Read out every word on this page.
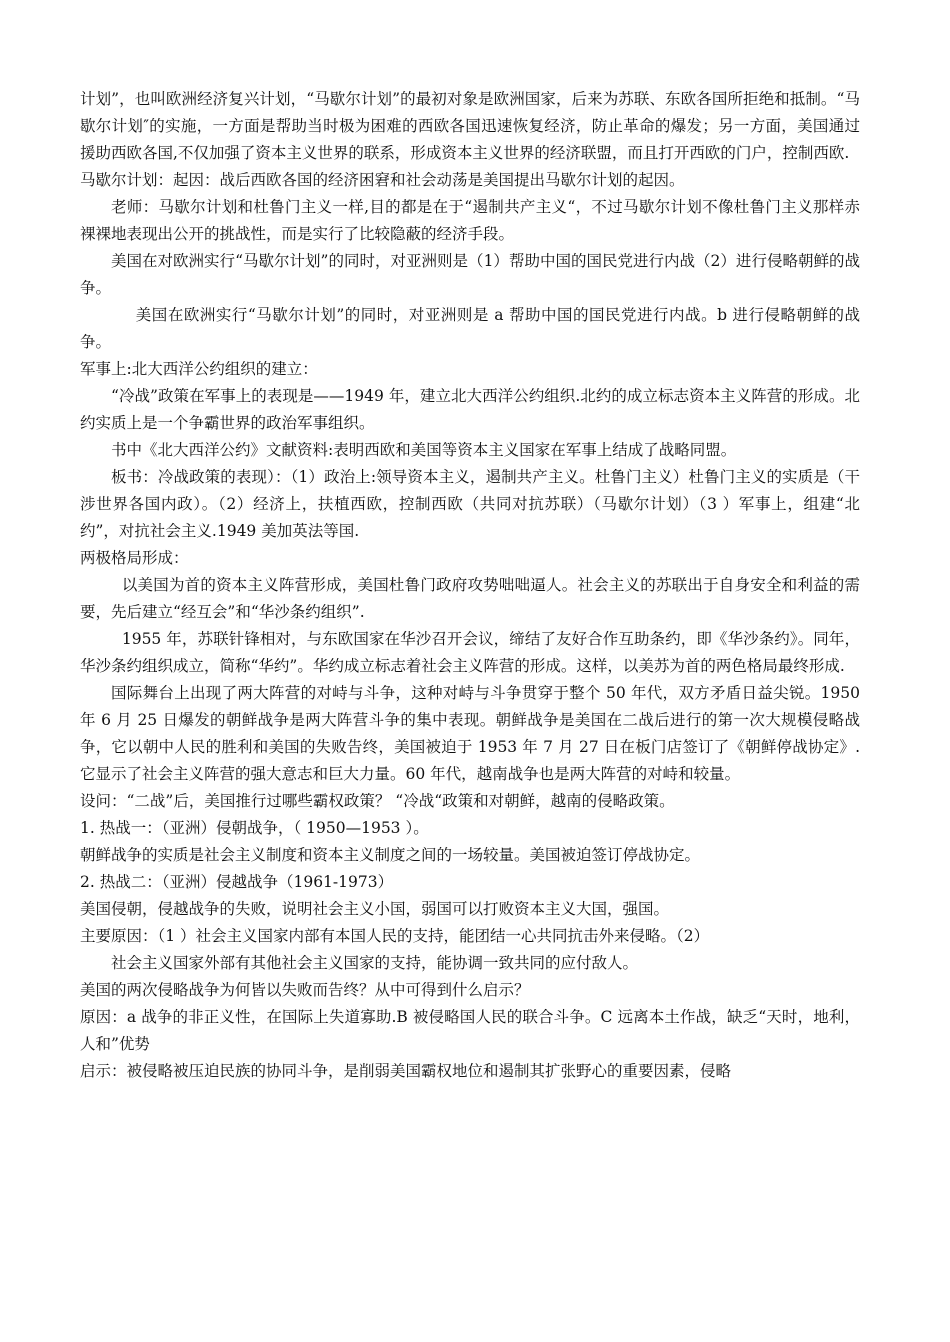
计划”，也叫欧洲经济复兴计划，“马歇尔计划”的最初对象是欧洲国家，后来为苏联、东欧各国所拒绝和抵制。“马歇尔计划″的实施，一方面是帮助当时极为困难的西欧各国迅速恢复经济，防止革命的爆发；另一方面，美国通过援助西欧各国,不仅加强了资本主义世界的联系，形成资本主义世界的经济联盟，而且打开西欧的门户，控制西欧.

马歇尔计划：起因：战后西欧各国的经济困窘和社会动荡是美国提出马歇尔计划的起因。

老师：马歇尔计划和杜鲁门主义一样,目的都是在于“遏制共产主义“，不过马歇尔计划不像杜鲁门主义那样赤裸裸地表现出公开的挑战性，而是实行了比较隐蔽的经济手段。

美国在对欧洲实行“马歇尔计划”的同时，对亚洲则是（1）帮助中国的国民党进行内战（2）进行侵略朝鲜的战争。

美国在欧洲实行“马歇尔计划”的同时，对亚洲则是 a 帮助中国的国民党进行内战。b 进行侵略朝鲜的战争。

军事上:北大西洋公约组织的建立：

“冷战”政策在军事上的表现是——1949 年，建立北大西洋公约组织.北约的成立标志资本主义阵营的形成。北约实质上是一个争霸世界的政治军事组织。

书中《北大西洋公约》文献资料:表明西欧和美国等资本主义国家在军事上结成了战略同盟。

板书：冷战政策的表现）：（1）政治上:领导资本主义，遏制共产主义。杜鲁门主义）杜鲁门主义的实质是（干涉世界各国内政）。（2）经济上，扶植西欧，控制西欧（共同对抗苏联）（马歇尔计划）（3 ）军事上，组建“北约”，对抗社会主义.1949 美加英法等国.

两极格局形成：

以美国为首的资本主义阵营形成，美国杜鲁门政府攻势咄咄逼人。社会主义的苏联出于自身安全和利益的需要，先后建立“经互会”和“华沙条约组织”.

1955 年，苏联针锋相对，与东欧国家在华沙召开会议，缔结了友好合作互助条约，即《华沙条约》。同年，华沙条约组织成立，简称“华约”。华约成立标志着社会主义阵营的形成。这样，以美苏为首的两色格局最终形成.

国际舞台上出现了两大阵营的对峙与斗争，这种对峙与斗争贯穿于整个 50 年代，双方矛盾日益尖锐。1950 年 6 月 25 日爆发的朝鲜战争是两大阵营斗争的集中表现。朝鲜战争是美国在二战后进行的第一次大规模侵略战争，它以朝中人民的胜利和美国的失败告终，美国被迫于 1953 年 7 月 27 日在板门店签订了《朝鲜停战协定》.它显示了社会主义阵营的强大意志和巨大力量。60 年代，越南战争也是两大阵营的对峙和较量。

设问：“二战”后，美国推行过哪些霸权政策？ “冷战“政策和对朝鲜，越南的侵略政策。

1. 热战一：（亚洲）侵朝战争，（ 1950—1953 ）。

朝鲜战争的实质是社会主义制度和资本主义制度之间的一场较量。美国被迫签订停战协定。

2. 热战二：（亚洲）侵越战争（1961-1973）

美国侵朝，侵越战争的失败，说明社会主义小国，弱国可以打败资本主义大国，强国。

主要原因：（1 ）社会主义国家内部有本国人民的支持，能团结一心共同抗击外来侵略。（2）

社会主义国家外部有其他社会主义国家的支持，能协调一致共同的应付敌人。

美国的两次侵略战争为何皆以失败而告终？从中可得到什么启示？

原因：a 战争的非正义性，在国际上失道寡助.B 被侵略国人民的联合斗争。C 远离本土作战，缺乏“天时，地利，人和”优势

启示：被侵略被压迫民族的协同斗争，是削弱美国霸权地位和遏制其扩张野心的重要因素，侵略
